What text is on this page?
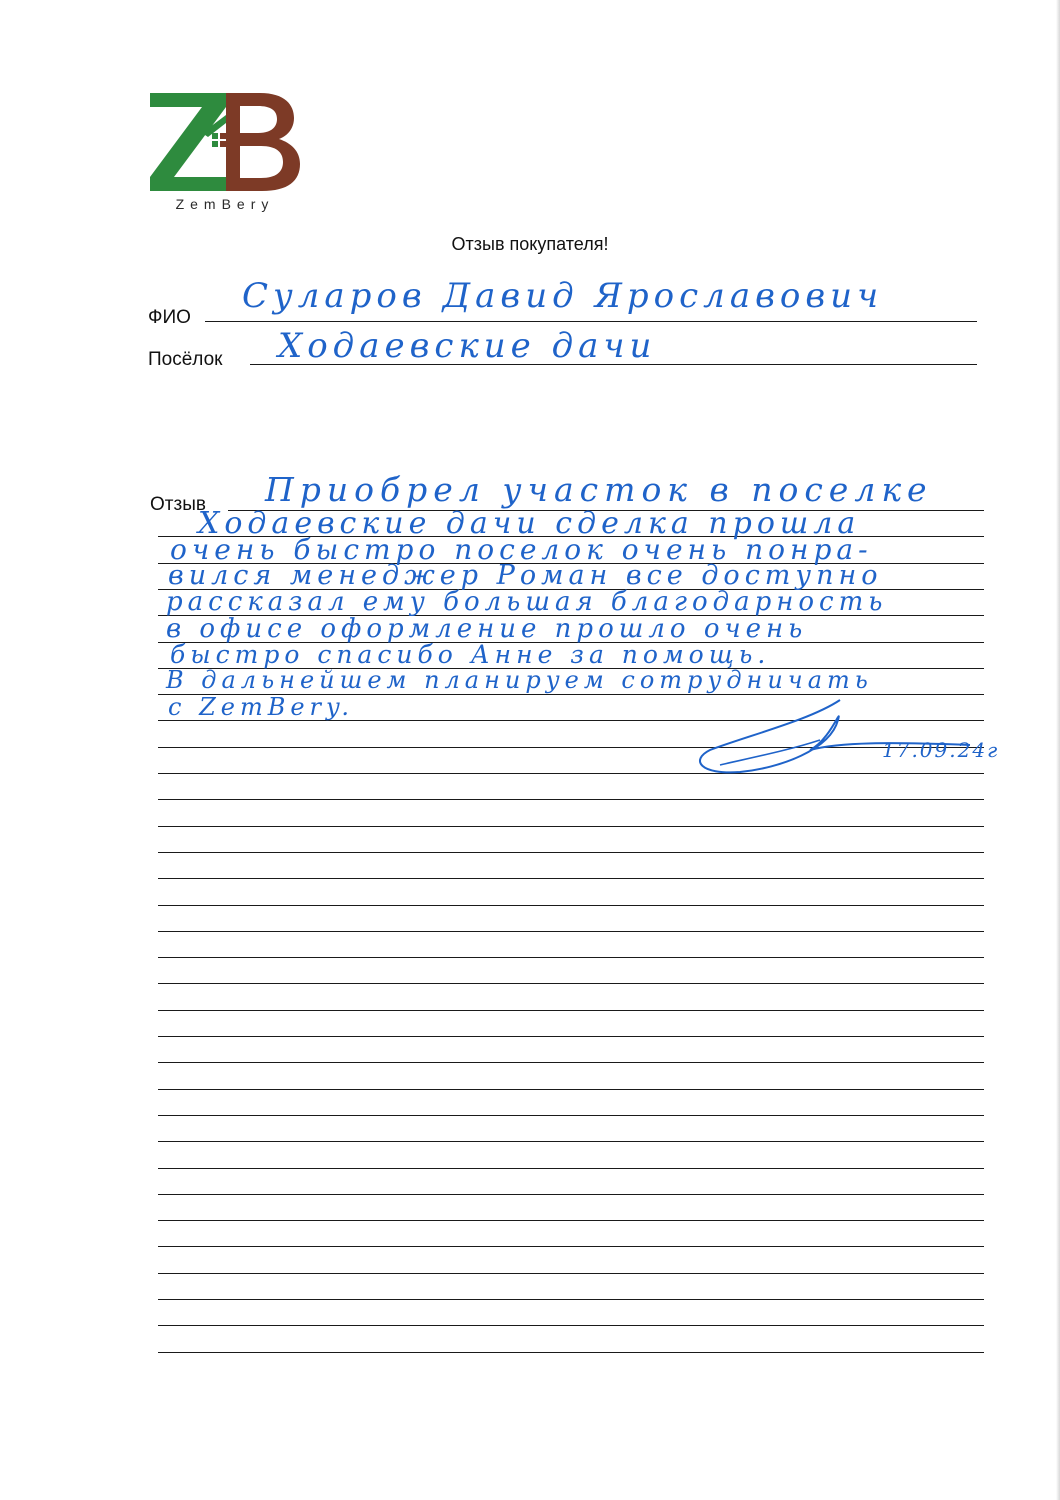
ZemBery
Отзыв покупателя!
ФИО
Суларов Давид Ярославович
Посёлок Ходаевские дачи
Отзыв Приобрел участок в поселке
Ходаевские дачи сделка прошла
очень быстро поселок очень понра-
вился менеджер Роман все доступно
рассказал ему большая благодарность
в офисе оформление прошло очень
быстро спасибо Анне за помощь.
В дальнейшем планируем сотрудничать
с ZemBery.
17.09.24г
